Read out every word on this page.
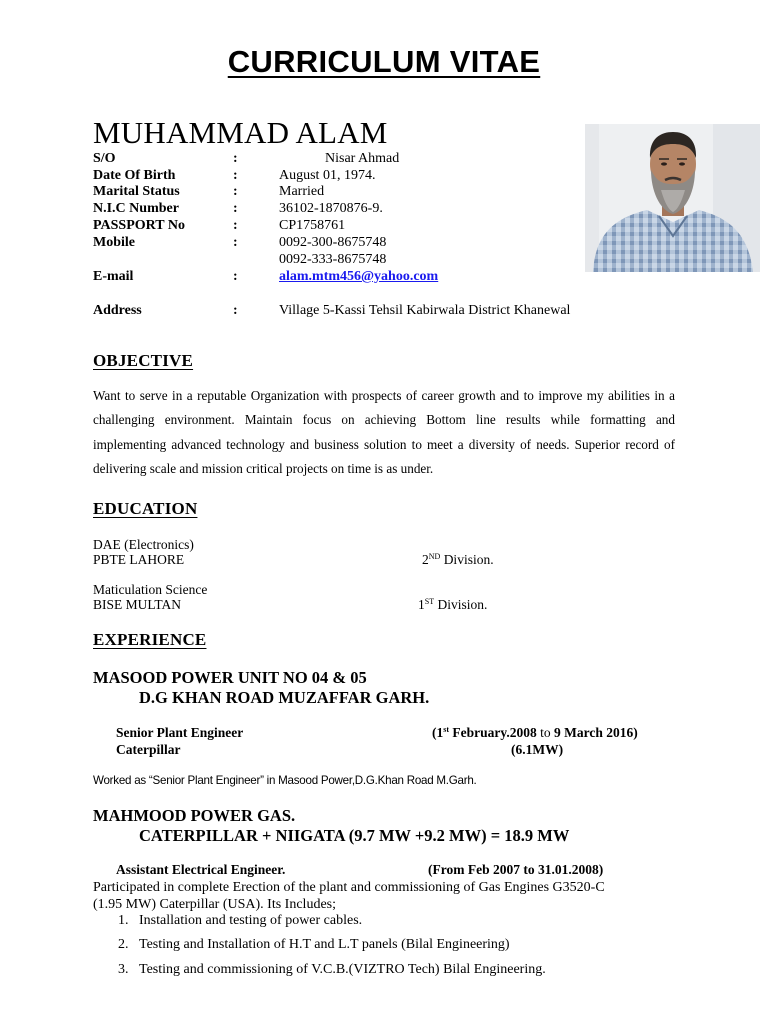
CURRICULUM VITAE
MUHAMMAD ALAM
S/O	:	Nisar Ahmad
Date Of Birth	:	August 01, 1974.
Marital Status	:	Married
N.I.C Number	:	36102-1870876-9.
PASSPORT No	:	CP1758761
Mobile	:	0092-300-8675748
0092-333-8675748
E-mail	:	alam.mtm456@yahoo.com
Address	:	Village 5-Kassi Tehsil Kabirwala District Khanewal
OBJECTIVE

Want to serve in a reputable Organization with prospects of career growth and to improve my abilities in a challenging environment. Maintain focus on achieving Bottom line results while formatting and implementing advanced technology and business solution to meet a diversity of needs. Superior record of delivering scale and mission critical projects on time is as under.

EDUCATION
DAE (Electronics)
PBTE LAHORE	2ND Division.
Maticulation Science
BISE MULTAN	1ST Division.
EXPERIENCE
MASOOD POWER UNIT NO 04 & 05
D.G KHAN ROAD MUZAFFAR GARH.
Senior Plant Engineer	(1st February.2008 to 9 March 2016)
Caterpillar	(6.1MW)
Worked as “Senior Plant Engineer” in Masood Power,D.G.Khan Road M.Garh.
MAHMOOD POWER GAS.
CATERPILLAR + NIIGATA (9.7 MW +9.2 MW) = 18.9 MW
Assistant Electrical Engineer.	(From Feb 2007 to 31.01.2008)
Participated in complete Erection of the plant and commissioning of Gas Engines G3520-C
(1.95 MW) Caterpillar (USA). Its Includes;
1. Installation and testing of power cables.
2. Testing and Installation of H.T and L.T panels (Bilal Engineering)
3. Testing and commissioning of V.C.B.(VIZTRO Tech) Bilal Engineering.
